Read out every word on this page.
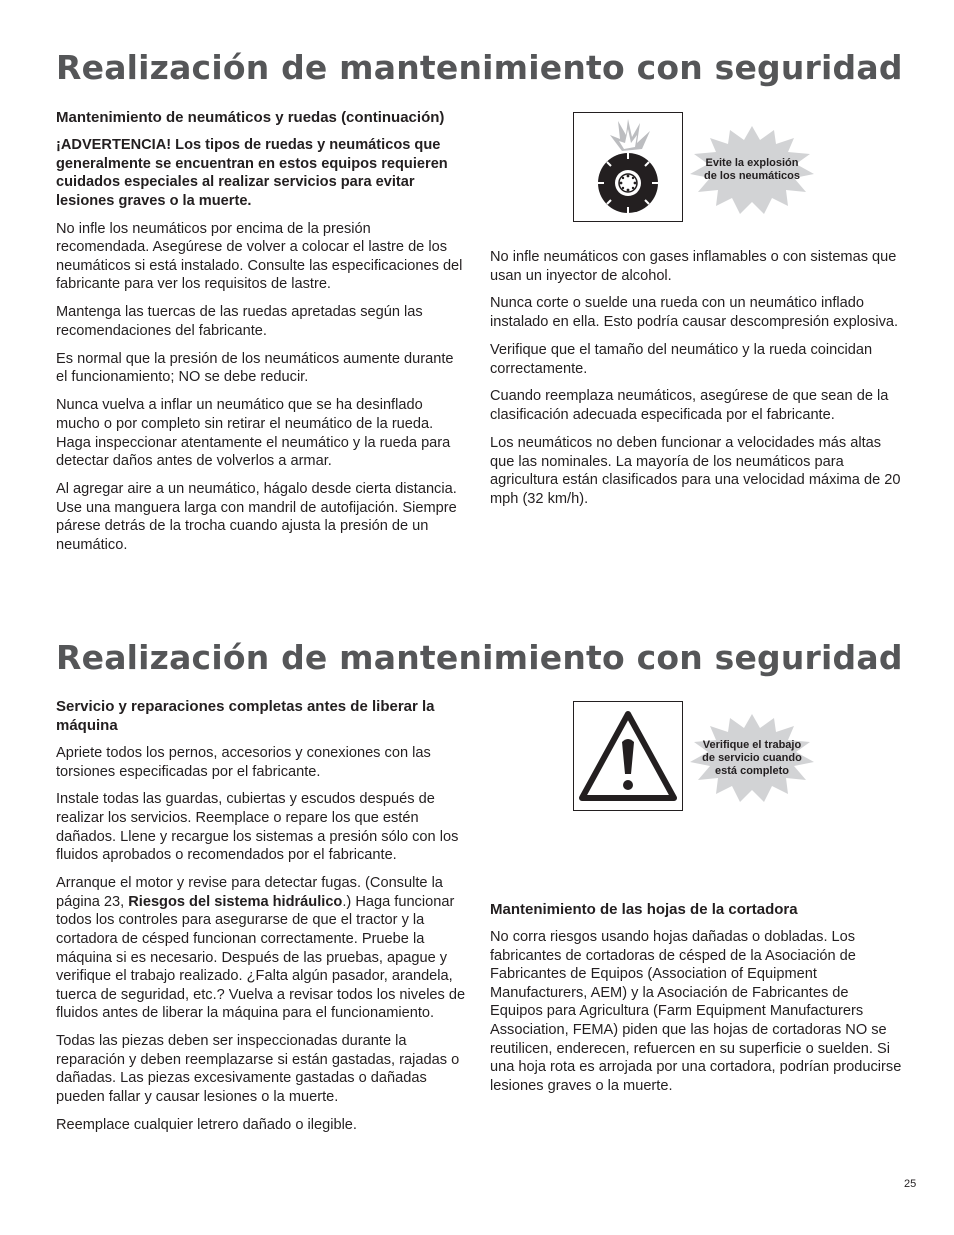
Realización de mantenimiento con seguridad
Mantenimiento de neumáticos y ruedas (continuación)

¡ADVERTENCIA! Los tipos de ruedas y neumáticos que generalmente se encuentran en estos equipos requieren cuidados especiales al realizar servicios para evitar lesiones graves o la muerte.

No infle los neumáticos por encima de la presión recomendada. Asegúrese de volver a colocar el lastre de los neumáticos si está instalado. Consulte las especificaciones del fabricante para ver los requisitos de lastre.

Mantenga las tuercas de las ruedas apretadas según las recomendaciones del fabricante.

Es normal que la presión de los neumáticos aumente durante el funcionamiento; NO se debe reducir.

Nunca vuelva a inflar un neumático que se ha desinflado mucho o por completo sin retirar el neumático de la rueda. Haga inspeccionar atentamente el neumático y la rueda para detectar daños antes de volverlos a armar.

Al agregar aire a un neumático, hágalo desde cierta distancia. Use una manguera larga con mandril de autofijación. Siempre párese detrás de la trocha cuando ajusta la presión de un neumático.

Evite la explosión
de los neumáticos

No infle neumáticos con gases inflamables o con sistemas que usan un inyector de alcohol.

Nunca corte o suelde una rueda con un neumático inflado instalado en ella. Esto podría causar descompresión explosiva.

Verifique que el tamaño del neumático y la rueda coincidan correctamente.

Cuando reemplaza neumáticos, asegúrese de que sean de la clasificación adecuada especificada por el fabricante.

Los neumáticos no deben funcionar a velocidades más altas que las nominales. La mayoría de los neumáticos para agricultura están clasificados para una velocidad máxima de 20 mph (32 km/h).

Realización de mantenimiento con seguridad
Servicio y reparaciones completas antes de liberar la máquina

Apriete todos los pernos, accesorios y conexiones con las torsiones especificadas por el fabricante.

Instale todas las guardas, cubiertas y escudos después de realizar los servicios. Reemplace o repare los que estén dañados. Llene y recargue los sistemas a presión sólo con los fluidos aprobados o recomendados por el fabricante.

Arranque el motor y revise para detectar fugas. (Consulte la página 23, Riesgos del sistema hidráulico.) Haga funcionar todos los controles para asegurarse de que el tractor y la cortadora de césped funcionan correctamente. Pruebe la máquina si es necesario. Después de las pruebas, apague y verifique el trabajo realizado. ¿Falta algún pasador, arandela, tuerca de seguridad, etc.? Vuelva a revisar todos los niveles de fluidos antes de liberar la máquina para el funcionamiento.

Todas las piezas deben ser inspeccionadas durante la reparación y deben reemplazarse si están gastadas, rajadas o dañadas. Las piezas excesivamente gastadas o dañadas pueden fallar y causar lesiones o la muerte.

Reemplace cualquier letrero dañado o ilegible.

Verifique el trabajo
de servicio cuando
está completo
Mantenimiento de las hojas de la cortadora

No corra riesgos usando hojas dañadas o dobladas. Los fabricantes de cortadoras de césped de la Asociación de Fabricantes de Equipos (Association of Equipment Manufacturers, AEM) y la Asociación de Fabricantes de Equipos para Agricultura (Farm Equipment Manufacturers Association, FEMA) piden que las hojas de cortadoras NO se reutilicen, enderecen, refuercen en su superficie o suelden. Si una hoja rota es arrojada por una cortadora, podrían producirse lesiones graves o la muerte.

25
